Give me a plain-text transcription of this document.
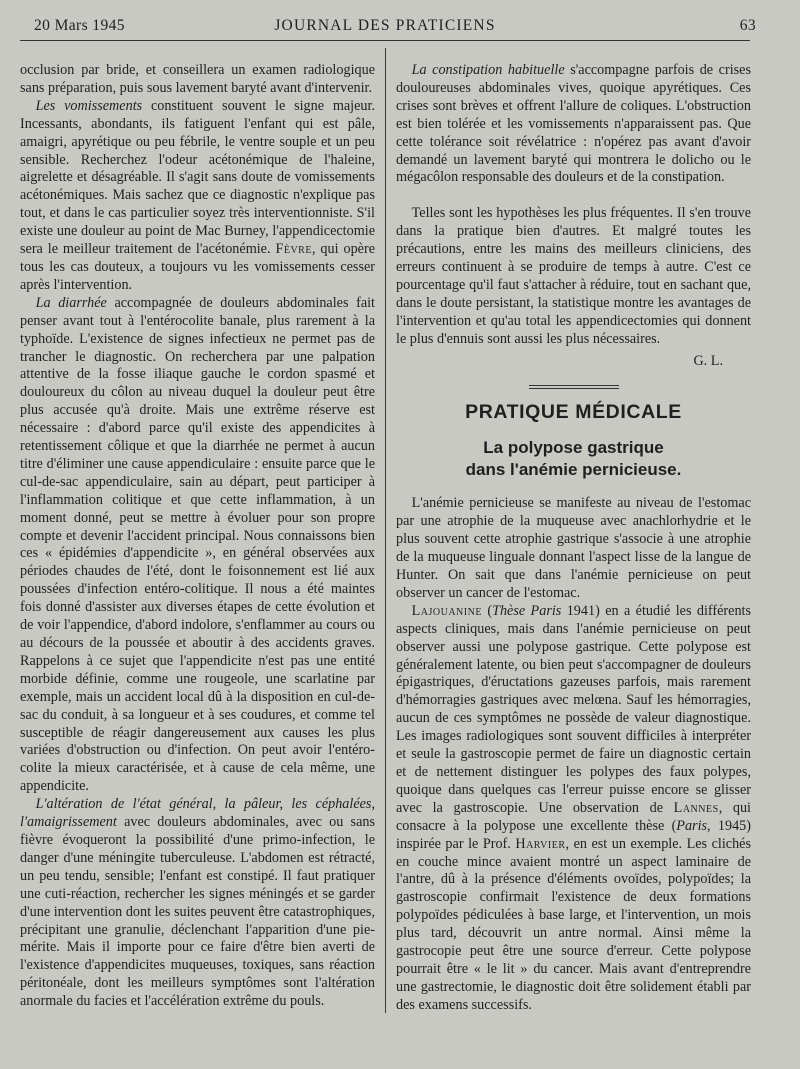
20 Mars 1945	JOURNAL DES PRATICIENS	63

occlusion par bride, et conseillera un examen radiologique sans préparation, puis sous lavement baryté avant d'intervenir.

Les vomissements constituent souvent le signe majeur. Incessants, abondants, ils fatiguent l'enfant qui est pâle, amaigri, apyrétique ou peu fébrile, le ventre souple et un peu sensible. Recherchez l'odeur acétonémique de l'haleine, aigrelette et désagréable. Il s'agit sans doute de vomissements acétonémiques. Mais sachez que ce diagnostic n'explique pas tout, et dans le cas particulier soyez très interventionniste. S'il existe une douleur au point de Mac Burney, l'appendicectomie sera le meilleur traitement de l'acétonémie. Fèvre, qui opère tous les cas douteux, a toujours vu les vomissements cesser après l'intervention.

La diarrhée accompagnée de douleurs abdominales fait penser avant tout à l'entérocolite banale, plus rarement à la typhoïde. L'existence de signes infectieux ne permet pas de trancher le diagnostic. On recherchera par une palpation attentive de la fosse iliaque gauche le cordon spasmé et douloureux du côlon au niveau duquel la douleur peut être plus accusée qu'à droite. Mais une extrême réserve est nécessaire : d'abord parce qu'il existe des appendicites à retentissement côlique et que la diarrhée ne permet à aucun titre d'éliminer une cause appendiculaire : ensuite parce que le cul-de-sac appendiculaire, sain au départ, peut participer à l'inflammation colitique et que cette inflammation, à un moment donné, peut se mettre à évoluer pour son propre compte et devenir l'accident principal. Nous connaissons bien ces « épidémies d'appendicite », en général observées aux périodes chaudes de l'été, dont le foisonnement est lié aux poussées d'infection entéro-colitique. Il nous a été maintes fois donné d'assister aux diverses étapes de cette évolution et de voir l'appendice, d'abord indolore, s'enflammer au cours ou au décours de la poussée et aboutir à des accidents graves. Rappelons à ce sujet que l'appendicite n'est pas une entité morbide définie, comme une rougeole, une scarlatine par exemple, mais un accident local dû à la disposition en cul-de-sac du conduit, à sa longueur et à ses coudures, et comme tel susceptible de réagir dangereusement aux causes les plus variées d'obstruction ou d'infection. On peut avoir l'entéro-colite la mieux caractérisée, et à cause de cela même, une appendicite.

L'altération de l'état général, la pâleur, les céphalées, l'amaigrissement avec douleurs abdominales, avec ou sans fièvre évoqueront la possibilité d'une primo-infection, le danger d'une méningite tuberculeuse. L'abdomen est rétracté, un peu tendu, sensible; l'enfant est constipé. Il faut pratiquer une cuti-réaction, rechercher les signes méningés et se garder d'une intervention dont les suites peuvent être catastrophiques, précipitant une granulie, déclenchant l'apparition d'une pie-mérite. Mais il importe pour ce faire d'être bien averti de l'existence d'appendicites muqueuses, toxiques, sans réaction péritonéale, dont les meilleurs symptômes sont l'altération anormale du facies et l'accélération extrême du pouls.

La constipation habituelle s'accompagne parfois de crises douloureuses abdominales vives, quoique apyrétiques. Ces crises sont brèves et offrent l'allure de coliques. L'obstruction est bien tolérée et les vomissements n'apparaissent pas. Que cette tolérance soit révélatrice : n'opérez pas avant d'avoir demandé un lavement baryté qui montrera le dolicho ou le mégacôlon responsable des douleurs et de la constipation.

Telles sont les hypothèses les plus fréquentes. Il s'en trouve dans la pratique bien d'autres. Et malgré toutes les précautions, entre les mains des meilleurs cliniciens, des erreurs continuent à se produire de temps à autre. C'est ce pourcentage qu'il faut s'attacher à réduire, tout en sachant que, dans le doute persistant, la statistique montre les avantages de l'intervention et qu'au total les appendicectomies qui donnent le plus d'ennuis sont aussi les plus nécessaires.

G. L.
PRATIQUE MÉDICALE
La polypose gastrique
dans l'anémie pernicieuse.

L'anémie pernicieuse se manifeste au niveau de l'estomac par une atrophie de la muqueuse avec anachlorhydrie et le plus souvent cette atrophie gastrique s'associe à une atrophie de la muqueuse linguale donnant l'aspect lisse de la langue de Hunter. On sait que dans l'anémie pernicieuse on peut observer un cancer de l'estomac.

Lajouanine (Thèse Paris 1941) en a étudié les différents aspects cliniques, mais dans l'anémie pernicieuse on peut observer aussi une polypose gastrique. Cette polypose est généralement latente, ou bien peut s'accompagner de douleurs épigastriques, d'éructations gazeuses parfois, mais rarement d'hémorragies gastriques avec melœna. Sauf les hémorragies, aucun de ces symptômes ne possède de valeur diagnostique. Les images radiologiques sont souvent difficiles à interpréter et seule la gastroscopie permet de faire un diagnostic certain et de nettement distinguer les polypes des faux polypes, quoique dans quelques cas l'erreur puisse encore se glisser avec la gastroscopie. Une observation de Lannes, qui consacre à la polypose une excellente thèse (Paris, 1945) inspirée par le Prof. Harvier, en est un exemple. Les clichés en couche mince avaient montré un aspect laminaire de l'antre, dû à la présence d'éléments ovoïdes, polypoïdes; la gastroscopie confirmait l'existence de deux formations polypoïdes pédiculées à base large, et l'intervention, un mois plus tard, découvrit un antre normal. Ainsi même la gastrocopie peut être une source d'erreur. Cette polypose pourrait être « le lit » du cancer. Mais avant d'entreprendre une gastrectomie, le diagnostic doit être solidement établi par des examens successifs.
